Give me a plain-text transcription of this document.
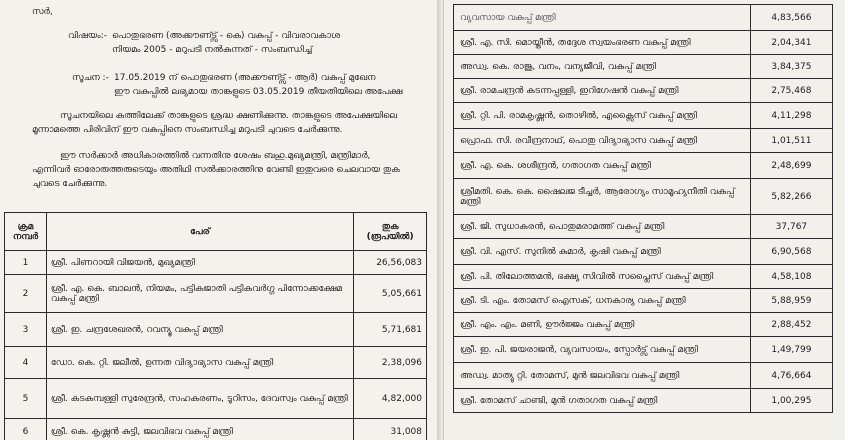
സർ,
വിഷയം:- പൊതുഭരണ (അക്കൗണ്ട്സ് - കെ) വകുപ്പ് - വിവരാവകാശ
നിയമം 2005 - മറുപടി നൽകുന്നത് - സംബന്ധിച്ച്
സൂചന :- 17.05.2019 ന് പൊതുഭരണ (അക്കൗണ്ട്സ് - ആർ) വകുപ്പ് മുഖേന
ഈ വകുപ്പിൽ ലഭ്യമായ താങ്കളുടെ 03.05.2019 തീയതിയിലെ അപേക്ഷ
സൂചനയിലെ കത്തിലേക്ക് താങ്കളുടെ ശ്രദ്ധ ക്ഷണിക്കുന്നു. താങ്കളുടെ അപേക്ഷയിലെ
മൂന്നാമത്തെ പിരിവിന് ഈ വകുപ്പിനെ സംബന്ധിച്ച മറുപടി ചുവടെ ചേർക്കുന്നു.
ഈ സർക്കാർ അധികാരത്തിൽ വന്നതിനു ശേഷം ബഹു.മുഖ്യമന്ത്രി, മന്ത്രിമാർ,
എന്നിവർ ഓരോരുത്തരുടെയും അതിഥി സൽക്കാരത്തിനു വേണ്ടി ഇതുവരെ ചെലവായ തുക
ചുവടെ ചേർക്കുന്നു.
ക്രമ നമ്പർ	പേര്	തുക (രൂപയിൽ)
1	ശ്രീ. പിണറായി വിജയൻ, മുഖ്യമന്ത്രി	26,56,083
2	ശ്രീ. എ. കെ. ബാലൻ, നിയമം, പട്ടികജാതി പട്ടികവർഗ്ഗ പിന്നോക്കക്ഷേമ വകുപ്പ് മന്ത്രി	5,05,661
3	ശ്രീ. ഇ. ചന്ദ്രശേഖരൻ, റവന്യൂ വകുപ്പ് മന്ത്രി	5,71,681
4	ഡോ. കെ. റ്റി. ജലീൽ, ഉന്നത വിദ്യാഭ്യാസ വകുപ്പ് മന്ത്രി	2,38,096
5	ശ്രീ. കടകമ്പള്ളി സുരേന്ദ്രൻ, സഹകരണം, ടൂറിസം, ദേവസ്വം വകുപ്പ് മന്ത്രി	4,82,000
6	ശ്രീ. കെ. കൃഷ്ണൻ കുട്ടി, ജലവിഭവ വകുപ്പ് മന്ത്രി	31,008
വ്യവസായ വകുപ്പ് മന്ത്രി	4,83,566
ശ്രീ. എ. സി. മൊയ്തീൻ, തദ്ദേശ സ്വയംഭരണ വകുപ്പ് മന്ത്രി	2,04,341
അഡ്വ. കെ. രാജു, വനം, വന്യജീവി, വകുപ്പ് മന്ത്രി	3,84,375
ശ്രീ. രാമചന്ദ്രൻ കടന്നപ്പള്ളി, ഇറിഗേഷൻ വകുപ്പ് മന്ത്രി	2,75,468
ശ്രീ. റ്റി. പി. രാമകൃഷ്ണൻ, തൊഴിൽ, എക്സൈസ് വകുപ്പ് മന്ത്രി	4,11,298
പ്രൊഫ. സി. രവീന്ദ്രനാഥ്, പൊതു വിദ്യാഭ്യാസ വകുപ്പ് മന്ത്രി	1,01,511
ശ്രീ. എ. കെ. ശശീന്ദ്രൻ, ഗതാഗത വകുപ്പ് മന്ത്രി	2,48,699
ശ്രീമതി. കെ. കെ. ഷൈലജ ടീച്ചർ, ആരോഗ്യം സാമൂഹ്യനീതി വകുപ്പ് മന്ത്രി	5,82,266
ശ്രീ. ജി. സുധാകരൻ, പൊതുമരാമത്ത് വകുപ്പ് മന്ത്രി	37,767
ശ്രീ. വി. എസ്. സുനിൽ കുമാർ, കൃഷി വകുപ്പ് മന്ത്രി	6,90,568
ശ്രീ. പി. തിലോത്തമൻ, ഭക്ഷ്യ സിവിൽ സപ്ലൈസ് വകുപ്പ് മന്ത്രി	4,58,108
ശ്രീ. ടി. എം. തോമസ് ഐസക്, ധനകാര്യ വകുപ്പ് മന്ത്രി	5,88,959
ശ്രീ. എം. എം. മണി, ഊർജ്ജം വകുപ്പ് മന്ത്രി	2,88,452
ശ്രീ. ഇ. പി. ജയരാജൻ, വ്യവസായം, സ്പോർട്സ് വകുപ്പ് മന്ത്രി	1,49,799
അഡ്വ. മാത്യു റ്റി. തോമസ്, മുൻ ജലവിഭവ വകുപ്പ് മന്ത്രി	4,76,664
ശ്രീ. തോമസ് ചാണ്ടി, മുൻ ഗതാഗത വകുപ്പ് മന്ത്രി	1,00,295
